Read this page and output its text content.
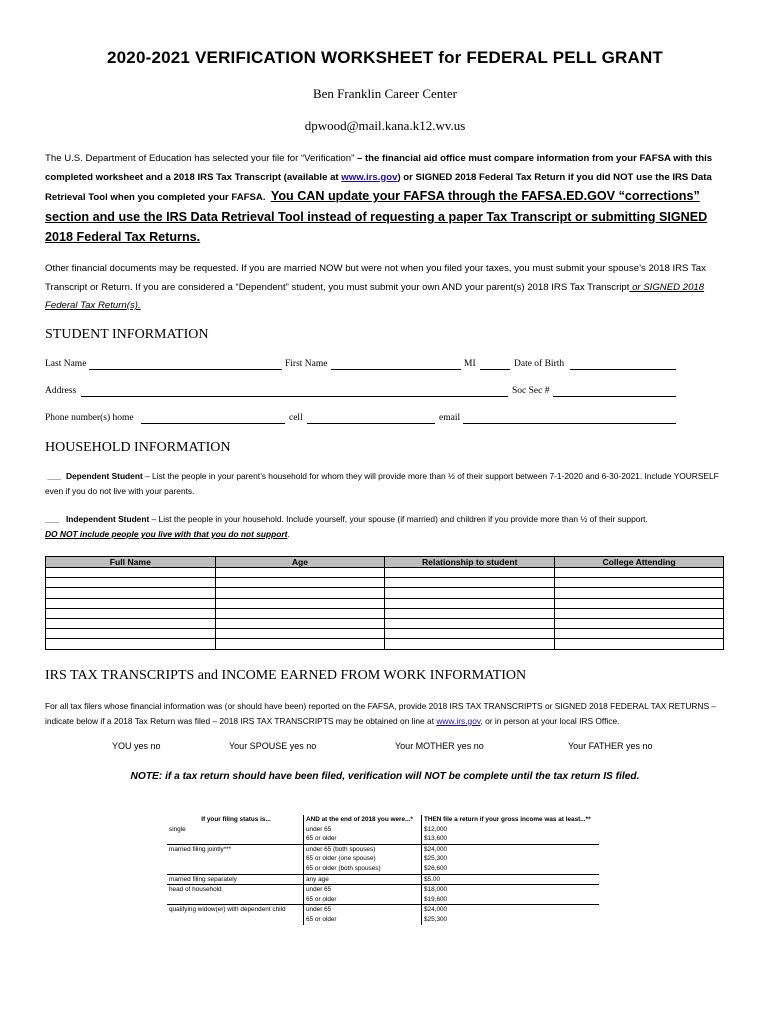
2020-2021 VERIFICATION WORKSHEET for FEDERAL PELL GRANT
Ben Franklin Career Center
dpwood@mail.kana.k12.wv.us
The U.S. Department of Education has selected your file for “Verification” – the financial aid office must compare information from your FAFSA with this completed worksheet and a 2018 IRS Tax Transcript (available at www.irs.gov) or SIGNED 2018 Federal Tax Return if you did NOT use the IRS Data Retrieval Tool when you completed your FAFSA. You CAN update your FAFSA through the FAFSA.ED.GOV “corrections” section and use the IRS Data Retrieval Tool instead of requesting a paper Tax Transcript or submitting SIGNED 2018 Federal Tax Returns.
Other financial documents may be requested. If you are married NOW but were not when you filed your taxes, you must submit your spouse’s 2018 IRS Tax Transcript or Return. If you are considered a “Dependent” student, you must submit your own AND your parent(s) 2018 IRS Tax Transcript or SIGNED 2018 Federal Tax Return(s).
STUDENT INFORMATION
Last Name	First Name	MI	Date of Birth
Address	Soc Sec #
Phone number(s) home	cell	email
HOUSEHOLD INFORMATION
___ Dependent Student – List the people in your parent’s household for whom they will provide more than ½ of their support between 7-1-2020 and 6-30-2021. Include YOURSELF even if you do not live with your parents.
___ Independent Student – List the people in your household. Include yourself, your spouse (if married) and children if you provide more than ½ of their support.
DO NOT include people you live with that you do not support.
Full Name	Age	Relationship to student	College Attending

IRS TAX TRANSCRIPTS and INCOME EARNED FROM WORK INFORMATION
For all tax filers whose financial information was (or should have been) reported on the FAFSA, provide 2018 IRS TAX TRANSCRIPTS or SIGNED 2018 FEDERAL TAX RETURNS – indicate below if a 2018 Tax Return was filed – 2018 IRS TAX TRANSCRIPTS may be obtained on line at www.irs.gov, or in person at your local IRS Office.
YOU yes no	Your SPOUSE yes no	Your MOTHER yes no	Your FATHER yes no
NOTE: if a tax return should have been filed, verification will NOT be complete until the tax return IS filed.
If your filing status is...	AND at the end of 2018 you were...*	THEN file a return if your gross income was at least...**
single	under 65	$12,000
	65 or older	$13,600
married filing jointly***	under 65 (both spouses)	$24,000
	65 or older (one spouse)	$25,300
	65 or older (both spouses)	$26,600
married filing separately	any age	$5.00
head of household	under 65	$18,000
	65 or older	$19,600
qualifying widow(er) with dependent child	under 65	$24,000
	65 or older	$25,300
